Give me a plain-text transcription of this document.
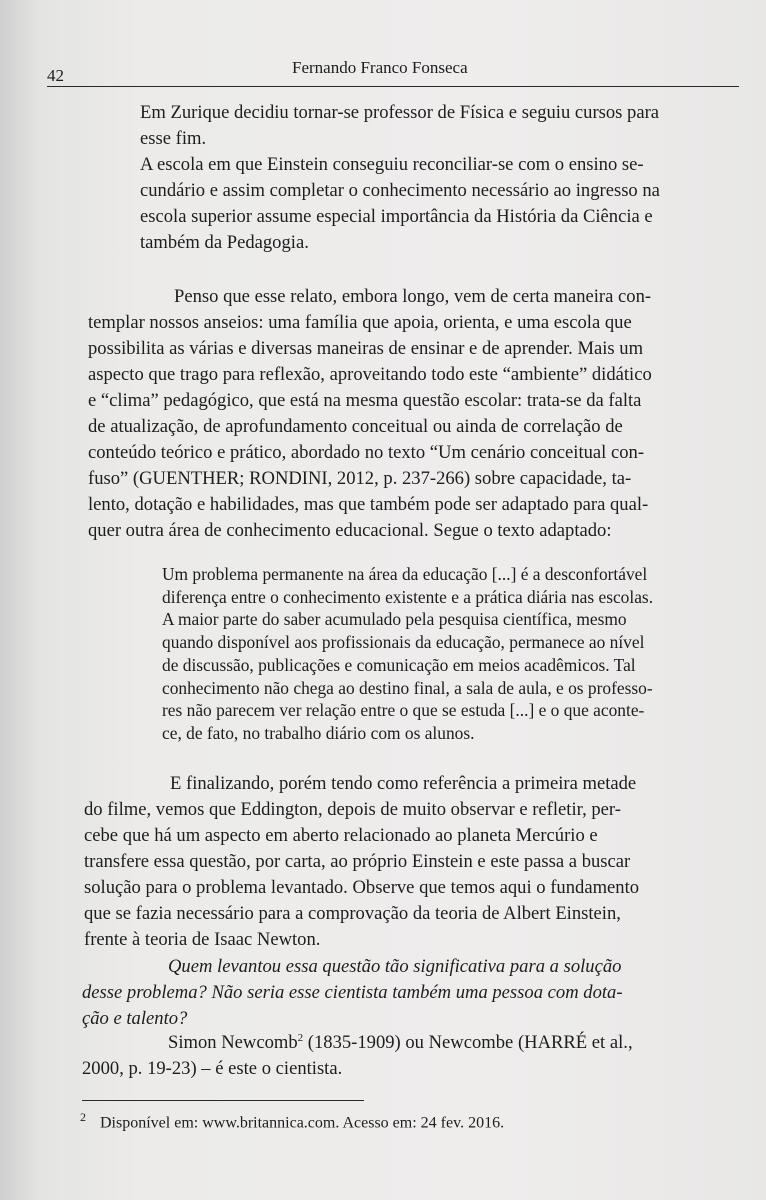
42	Fernando Franco Fonseca

Em Zurique decidiu tornar-se professor de Física e seguiu cursos para
esse fim.
A escola em que Einstein conseguiu reconciliar-se com o ensino se-
cundário e assim completar o conhecimento necessário ao ingresso na
escola superior assume especial importância da História da Ciência e
também da Pedagogia.

Penso que esse relato, embora longo, vem de certa maneira con-
templar nossos anseios: uma família que apoia, orienta, e uma escola que
possibilita as várias e diversas maneiras de ensinar e de aprender. Mais um
aspecto que trago para reflexão, aproveitando todo este “ambiente” didático
e “clima” pedagógico, que está na mesma questão escolar: trata-se da falta
de atualização, de aprofundamento conceitual ou ainda de correlação de
conteúdo teórico e prático, abordado no texto “Um cenário conceitual con-
fuso” (GUENTHER; RONDINI, 2012, p. 237-266) sobre capacidade, ta-
lento, dotação e habilidades, mas que também pode ser adaptado para qual-
quer outra área de conhecimento educacional. Segue o texto adaptado:

Um problema permanente na área da educação [...] é a desconfortável
diferença entre o conhecimento existente e a prática diária nas escolas.
A maior parte do saber acumulado pela pesquisa científica, mesmo
quando disponível aos profissionais da educação, permanece ao nível
de discussão, publicações e comunicação em meios acadêmicos. Tal
conhecimento não chega ao destino final, a sala de aula, e os professo-
res não parecem ver relação entre o que se estuda [...] e o que aconte-
ce, de fato, no trabalho diário com os alunos.

E finalizando, porém tendo como referência a primeira metade
do filme, vemos que Eddington, depois de muito observar e refletir, per-
cebe que há um aspecto em aberto relacionado ao planeta Mercúrio e
transfere essa questão, por carta, ao próprio Einstein e este passa a buscar
solução para o problema levantado. Observe que temos aqui o fundamento
que se fazia necessário para a comprovação da teoria de Albert Einstein,
frente à teoria de Isaac Newton.

Quem levantou essa questão tão significativa para a solução
desse problema? Não seria esse cientista também uma pessoa com dota-
ção e talento?

Simon Newcomb$^2$ (1835-1909) ou Newcombe (HARRÉ et al.,
2000, p. 19-23) – é este o cientista.

$^2$ Disponível em: www.britannica.com. Acesso em: 24 fev. 2016.
